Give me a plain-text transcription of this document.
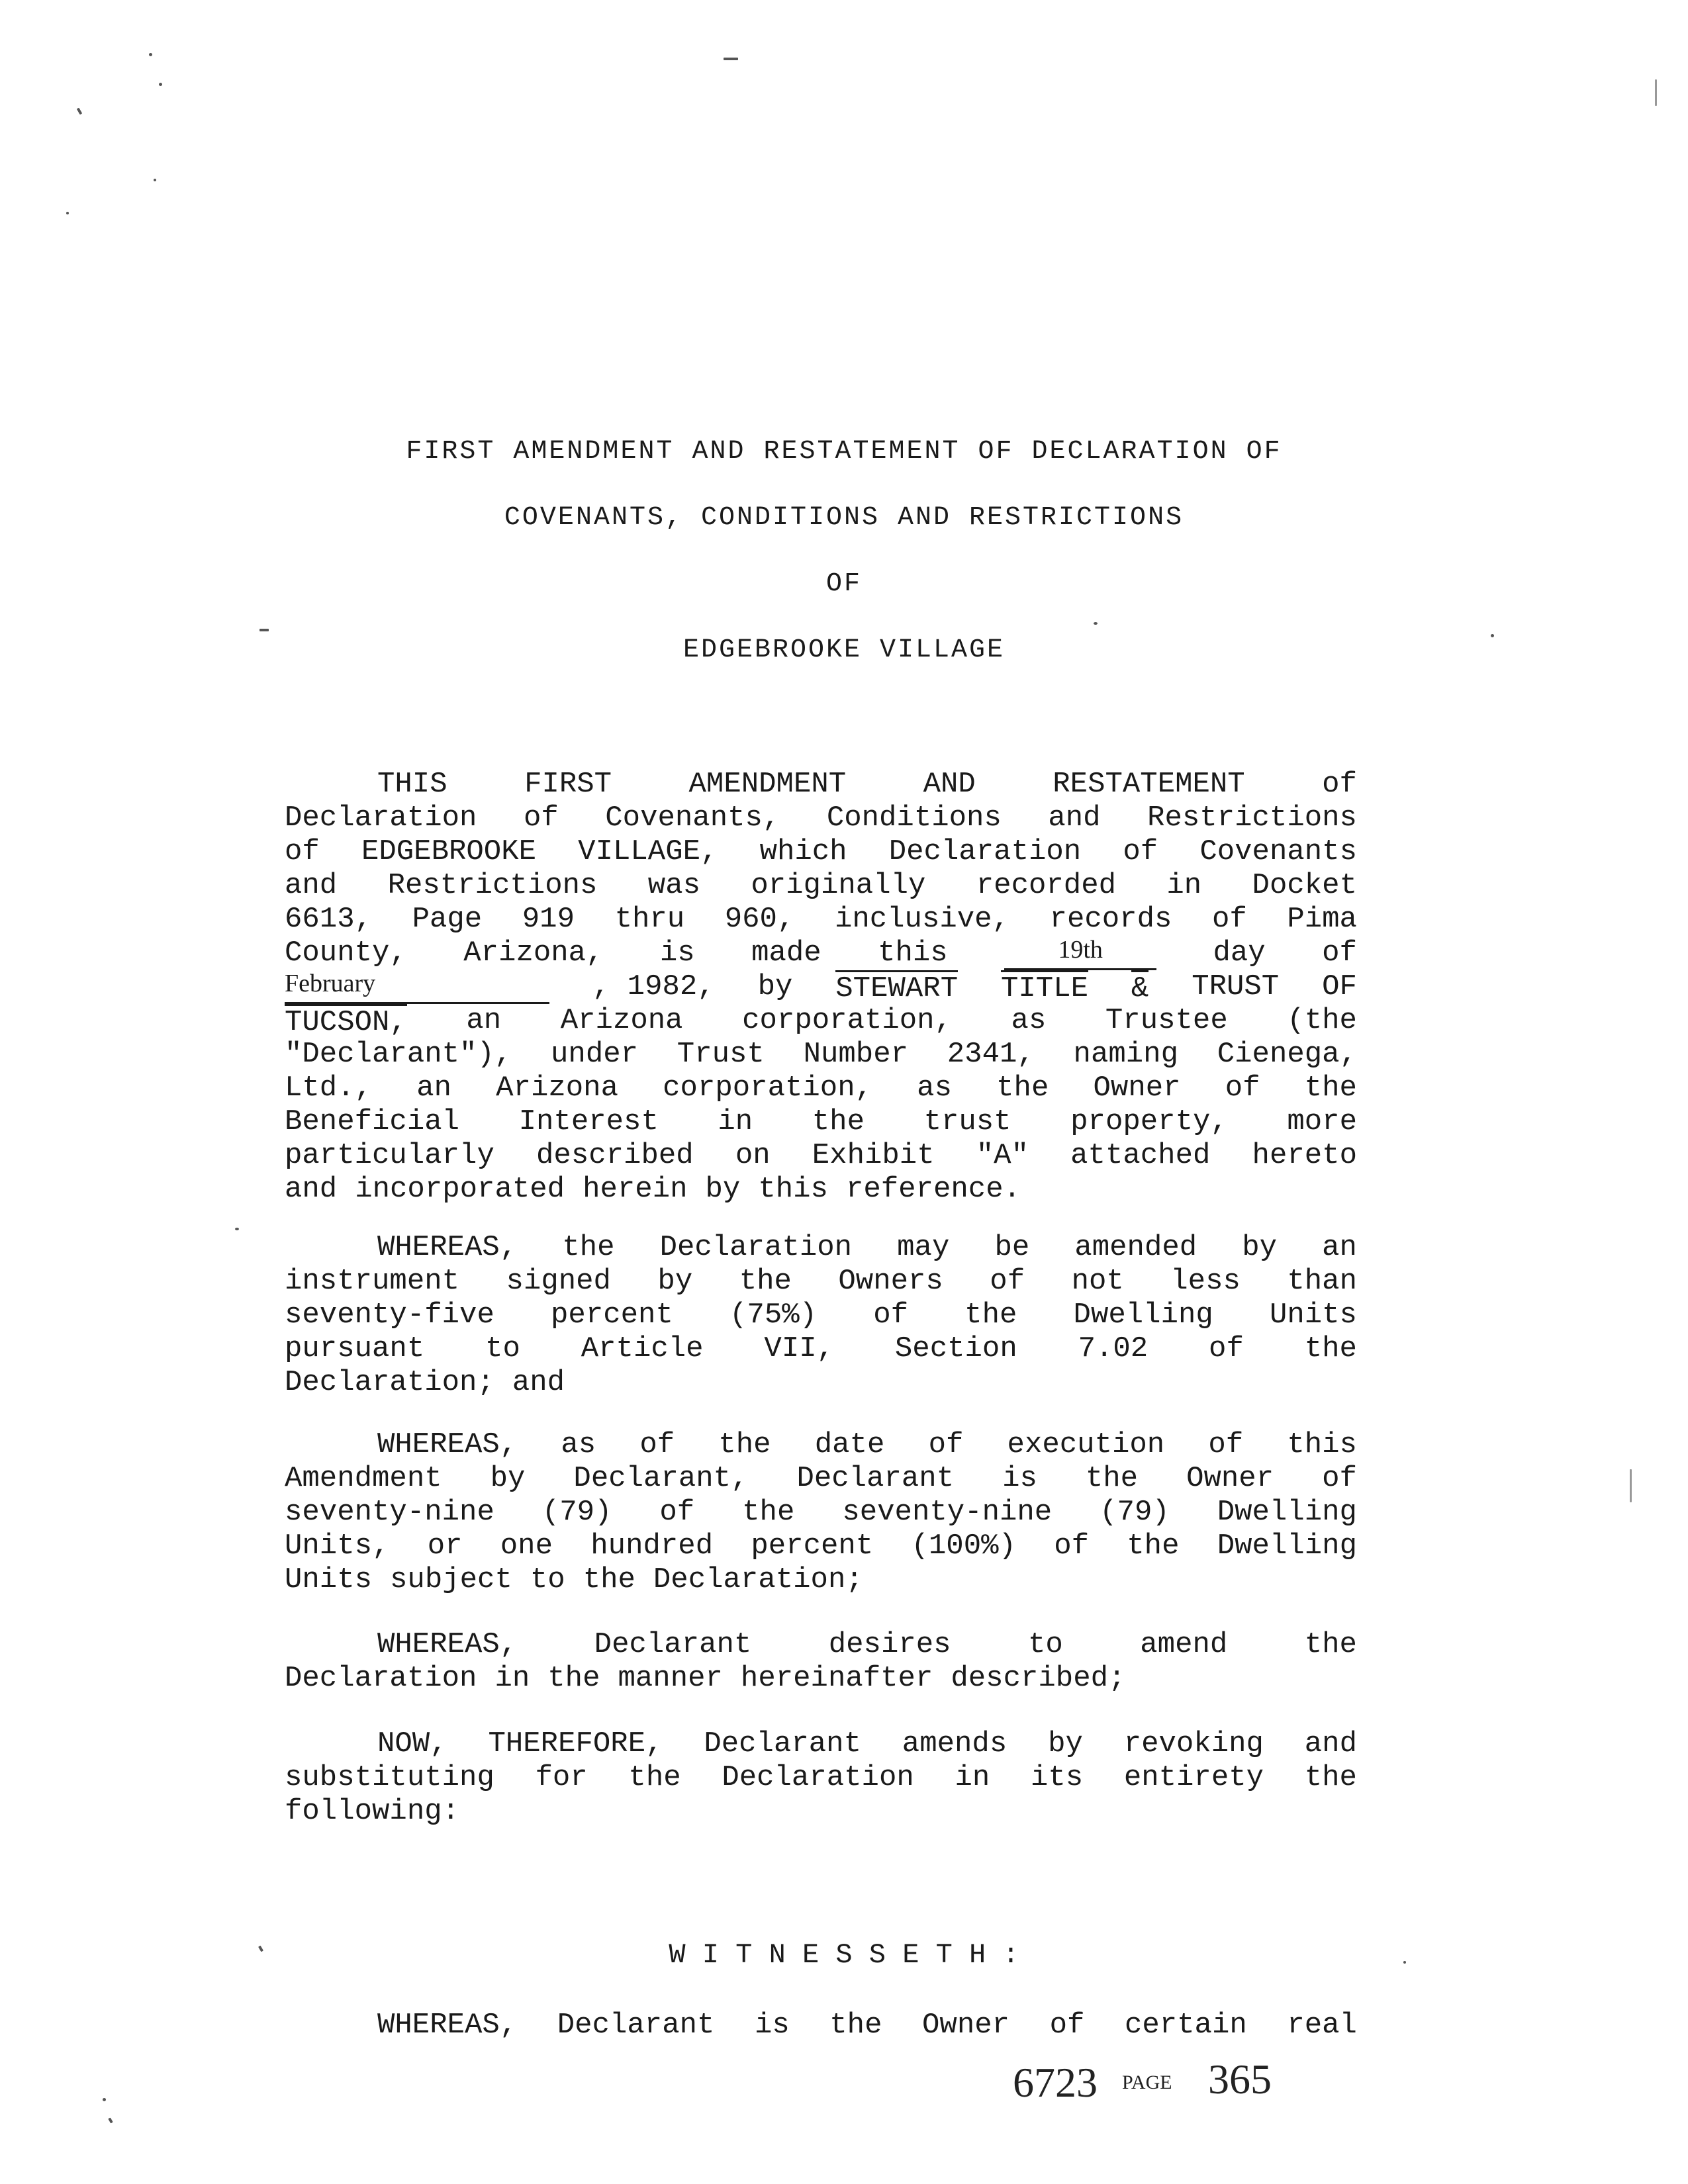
FIRST AMENDMENT AND RESTATEMENT OF DECLARATION OF
COVENANTS, CONDITIONS AND RESTRICTIONS
OF
EDGEBROOKE VILLAGE
THIS	FIRST	AMENDMENT	AND	RESTATEMENT	of
Declaration of Covenants, Conditions and Restrictions
of EDGEBROOKE VILLAGE, which Declaration of Covenants
and Restrictions was originally recorded in Docket
6613, Page 919 thru 960, inclusive, records of Pima
County, Arizona, is made this	19th	day of
February	, 1982, by STEWART TITLE & TRUST OF
TUCSON, an Arizona corporation, as Trustee (the
"Declarant"), under Trust Number 2341, naming Cienega,
Ltd., an Arizona corporation, as the Owner of the
Beneficial Interest in the trust property, more
particularly described on Exhibit "A" attached hereto
and incorporated herein by this reference.
WHEREAS, the Declaration may be amended by an
instrument signed by the Owners of not less than
seventy-five percent (75%) of the Dwelling Units
pursuant to Article VII, Section 7.02 of the
Declaration; and
WHEREAS, as of the date of execution of this
Amendment by Declarant, Declarant is the Owner of
seventy-nine (79) of the seventy-nine (79) Dwelling
Units, or one hundred percent (100%) of the Dwelling
Units subject to the Declaration;
WHEREAS,	Declarant	desires	to	amend	the
Declaration in the manner hereinafter described;
NOW, THEREFORE, Declarant amends by revoking and
substituting for the Declaration in its entirety the
following:
W I T N E S S E T H :
WHEREAS, Declarant is the Owner of certain real
6723 PAGE 365
